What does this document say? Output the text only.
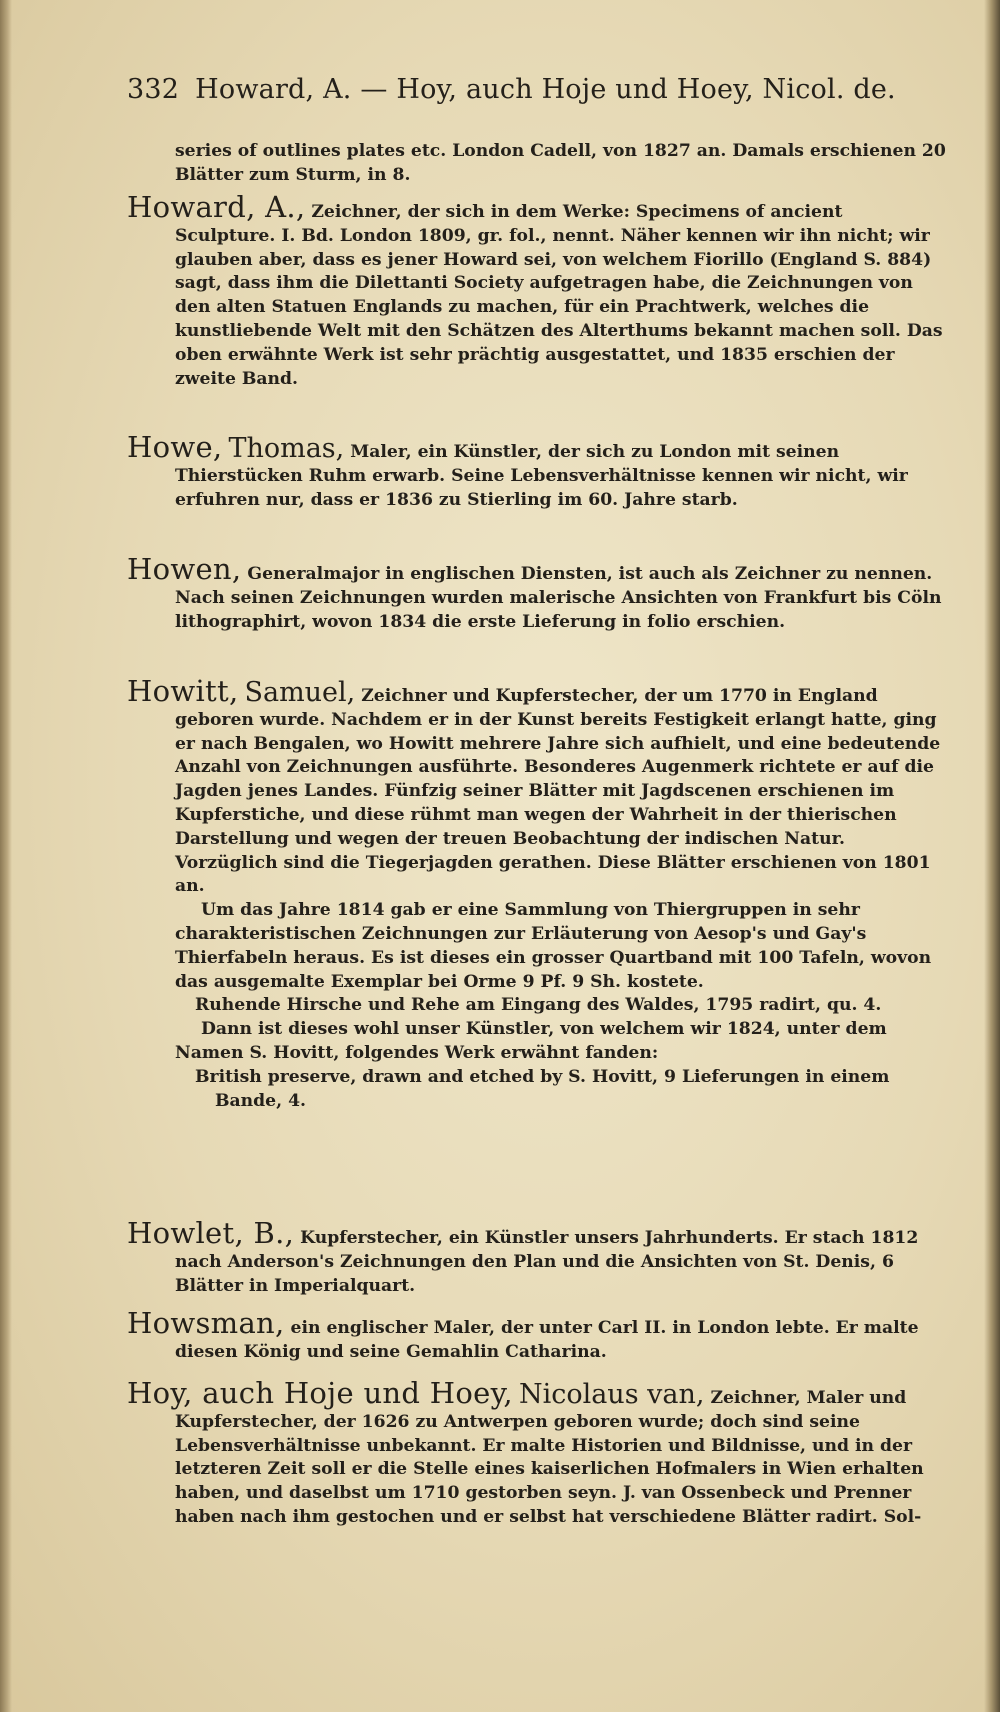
332 Howard, A. — Hoy, auch Hoje und Hoey, Nicol. de.

series of outlines plates etc. London Cadell, von 1827 an. Damals erschienen 20 Blätter zum Sturm, in 8.

Howard, A., Zeichner, der sich in dem Werke: Specimens of ancient Sculpture. I. Bd. London 1809, gr. fol., nennt. Näher kennen wir ihn nicht; wir glauben aber, dass es jener Howard sei, von welchem Fiorillo (England S. 884) sagt, dass ihm die Dilettanti Society aufgetragen habe, die Zeichnungen von den alten Statuen Englands zu machen, für ein Prachtwerk, welches die kunstliebende Welt mit den Schätzen des Alterthums bekannt machen soll. Das oben erwähnte Werk ist sehr prächtig ausgestattet, und 1835 erschien der zweite Band.

Howe, Thomas, Maler, ein Künstler, der sich zu London mit seinen Thierstücken Ruhm erwarb. Seine Lebensverhältnisse kennen wir nicht, wir erfuhren nur, dass er 1836 zu Stierling im 60. Jahre starb.

Howen, Generalmajor in englischen Diensten, ist auch als Zeichner zu nennen. Nach seinen Zeichnungen wurden malerische Ansichten von Frankfurt bis Cöln lithographirt, wovon 1834 die erste Lieferung in folio erschien.

Howitt, Samuel, Zeichner und Kupferstecher, der um 1770 in England geboren wurde. Nachdem er in der Kunst bereits Festigkeit erlangt hatte, ging er nach Bengalen, wo Howitt mehrere Jahre sich aufhielt, und eine bedeutende Anzahl von Zeichnungen ausführte. Besonderes Augenmerk richtete er auf die Jagden jenes Landes. Fünfzig seiner Blätter mit Jagdscenen erschienen im Kupferstiche, und diese rühmt man wegen der Wahrheit in der thierischen Darstellung und wegen der treuen Beobachtung der indischen Natur. Vorzüglich sind die Tiegerjagden gerathen. Diese Blätter erschienen von 1801 an.

Um das Jahre 1814 gab er eine Sammlung von Thiergruppen in sehr charakteristischen Zeichnungen zur Erläuterung von Aesop's und Gay's Thierfabeln heraus. Es ist dieses ein grosser Quartband mit 100 Tafeln, wovon das ausgemalte Exemplar bei Orme 9 Pf. 9 Sh. kostete.

Ruhende Hirsche und Rehe am Eingang des Waldes, 1795 radirt, qu. 4.

Dann ist dieses wohl unser Künstler, von welchem wir 1824, unter dem Namen S. Hovitt, folgendes Werk erwähnt fanden:

British preserve, drawn and etched by S. Hovitt, 9 Lieferungen in einem Bande, 4.

Howlet, B., Kupferstecher, ein Künstler unsers Jahrhunderts. Er stach 1812 nach Anderson's Zeichnungen den Plan und die Ansichten von St. Denis, 6 Blätter in Imperialquart.

Howsman, ein englischer Maler, der unter Carl II. in London lebte. Er malte diesen König und seine Gemahlin Catharina.

Hoy, auch Hoje und Hoey, Nicolaus van, Zeichner, Maler und Kupferstecher, der 1626 zu Antwerpen geboren wurde; doch sind seine Lebensverhältnisse unbekannt. Er malte Historien und Bildnisse, und in der letzteren Zeit soll er die Stelle eines kaiserlichen Hofmalers in Wien erhalten haben, und daselbst um 1710 gestorben seyn. J. van Ossenbeck und Prenner haben nach ihm gestochen und er selbst hat verschiedene Blätter radirt. Sol-
